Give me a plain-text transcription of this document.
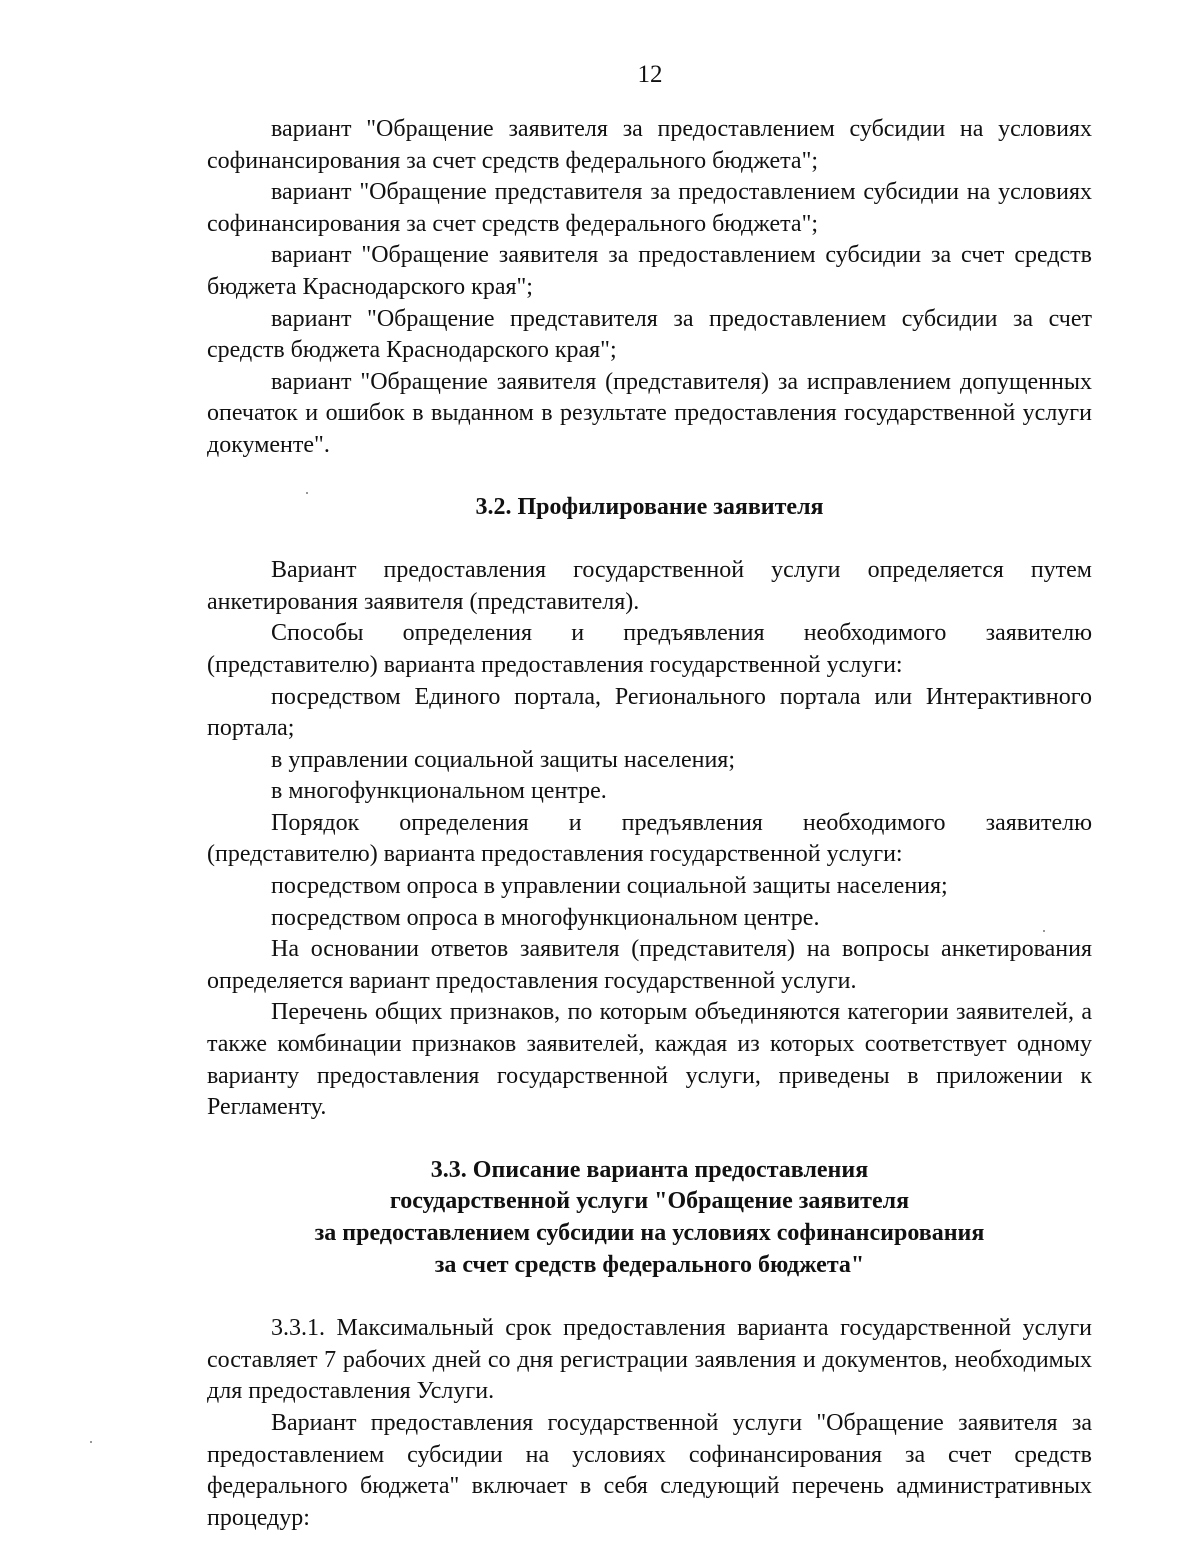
12

вариант "Обращение заявителя за предоставлением субсидии на условиях софинансирования за счет средств федерального бюджета";

вариант "Обращение представителя за предоставлением субсидии на условиях софинансирования за счет средств федерального бюджета";

вариант "Обращение заявителя за предоставлением субсидии за счет средств бюджета Краснодарского края";

вариант "Обращение представителя за предоставлением субсидии за счет средств бюджета Краснодарского края";

вариант "Обращение заявителя (представителя) за исправлением допущенных опечаток и ошибок в выданном в результате предоставления государственной услуги документе".

3.2. Профилирование заявителя

Вариант предоставления государственной услуги определяется путем анкетирования заявителя (представителя).

Способы определения и предъявления необходимого заявителю (представителю) варианта предоставления государственной услуги:

посредством Единого портала, Регионального портала или Интерактивного портала;

в управлении социальной защиты населения;

в многофункциональном центре.

Порядок определения и предъявления необходимого заявителю (представителю) варианта предоставления государственной услуги:

посредством опроса в управлении социальной защиты населения;

посредством опроса в многофункциональном центре.

На основании ответов заявителя (представителя) на вопросы анкетирования определяется вариант предоставления государственной услуги.

Перечень общих признаков, по которым объединяются категории заявителей, а также комбинации признаков заявителей, каждая из которых соответствует одному варианту предоставления государственной услуги, приведены в приложении к Регламенту.

3.3. Описание варианта предоставления
государственной услуги "Обращение заявителя
за предоставлением субсидии на условиях софинансирования
за счет средств федерального бюджета"

3.3.1. Максимальный срок предоставления варианта государственной услуги составляет 7 рабочих дней со дня регистрации заявления и документов, необходимых для предоставления Услуги.

Вариант предоставления государственной услуги "Обращение заявителя за предоставлением субсидии на условиях софинансирования за счет средств федерального бюджета" включает в себя следующий перечень административных процедур:
